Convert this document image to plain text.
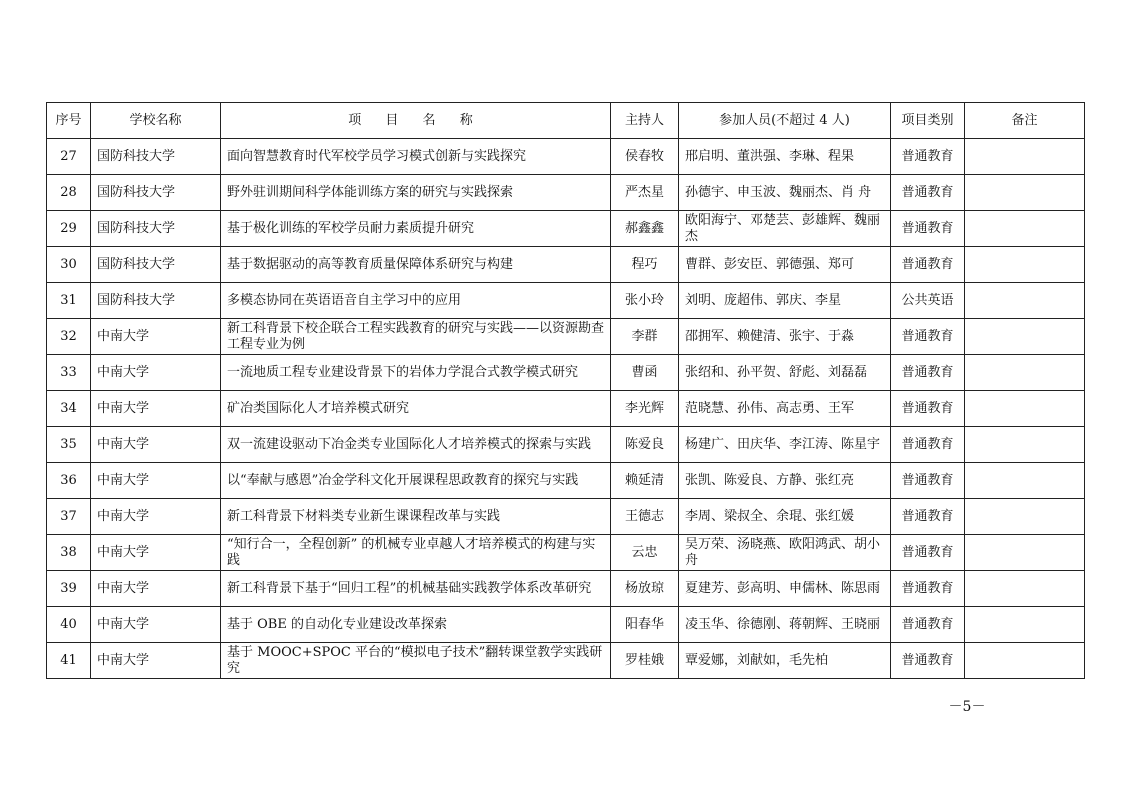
序号	学校名称	项 目 名 称	主持人	参加人员(不超过 4 人)	项目类别	备注
27	国防科技大学	面向智慧教育时代军校学员学习模式创新与实践探究	侯春牧	邢启明、董洪强、李琳、程果	普通教育	
28	国防科技大学	野外驻训期间科学体能训练方案的研究与实践探索	严杰星	孙德宇、申玉波、魏丽杰、肖 舟	普通教育	
29	国防科技大学	基于极化训练的军校学员耐力素质提升研究	郝鑫鑫	欧阳海宁、邓楚芸、彭雄辉、魏丽杰	普通教育	
30	国防科技大学	基于数据驱动的高等教育质量保障体系研究与构建	程巧	曹群、彭安臣、郭德强、郑可	普通教育	
31	国防科技大学	多模态协同在英语语音自主学习中的应用	张小玲	刘明、庞超伟、郭庆、李星	公共英语	
32	中南大学	新工科背景下校企联合工程实践教育的研究与实践——以资源勘查工程专业为例	李群	邵拥军、赖健清、张宇、于淼	普通教育	
33	中南大学	一流地质工程专业建设背景下的岩体力学混合式教学模式研究	曹函	张绍和、孙平贺、舒彪、刘磊磊	普通教育	
34	中南大学	矿冶类国际化人才培养模式研究	李光辉	范晓慧、孙伟、高志勇、王军	普通教育	
35	中南大学	双一流建设驱动下冶金类专业国际化人才培养模式的探索与实践	陈爱良	杨建广、田庆华、李江涛、陈星宇	普通教育	
36	中南大学	以“奉献与感恩”冶金学科文化开展课程思政教育的探究与实践	赖延清	张凯、陈爱良、方静、张红亮	普通教育	
37	中南大学	新工科背景下材料类专业新生课课程改革与实践	王德志	李周、梁叔全、余琨、张红媛	普通教育	
38	中南大学	“知行合一，全程创新” 的机械专业卓越人才培养模式的构建与实践	云忠	吴万荣、汤晓燕、欧阳鸿武、胡小舟	普通教育	
39	中南大学	新工科背景下基于“回归工程”的机械基础实践教学体系改革研究	杨放琼	夏建芳、彭高明、申儒林、陈思雨	普通教育	
40	中南大学	基于 OBE 的自动化专业建设改革探索	阳春华	凌玉华、徐德刚、蒋朝辉、王晓丽	普通教育	
41	中南大学	基于 MOOC+SPOC 平台的“模拟电子技术”翻转课堂教学实践研究	罗桂娥	覃爱娜，刘献如，毛先柏	普通教育	
－5－
